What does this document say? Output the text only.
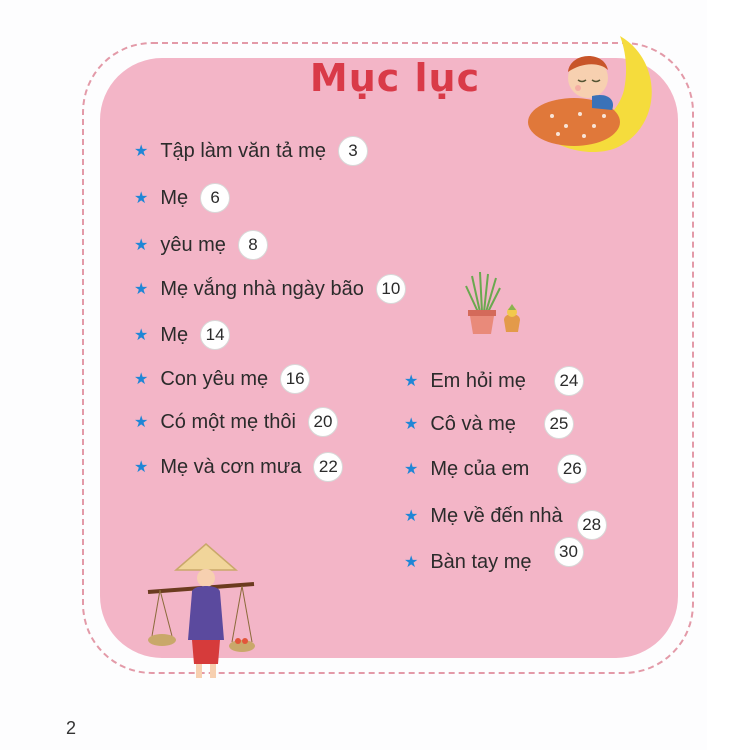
Mục lục
★ Tập làm văn tả mẹ	3
★ Mẹ	6
★ yêu mẹ	8
★ Mẹ vắng nhà ngày bão	10
★ Mẹ	14
★ Con yêu mẹ	16
★ Có một mẹ thôi	20
★ Mẹ và cơn mưa	22
★ Em hỏi mẹ	24
★ Cô và mẹ	25
★ Mẹ của em	26
★ Mẹ về đến nhà	28
★ Bàn tay mẹ	30
2
